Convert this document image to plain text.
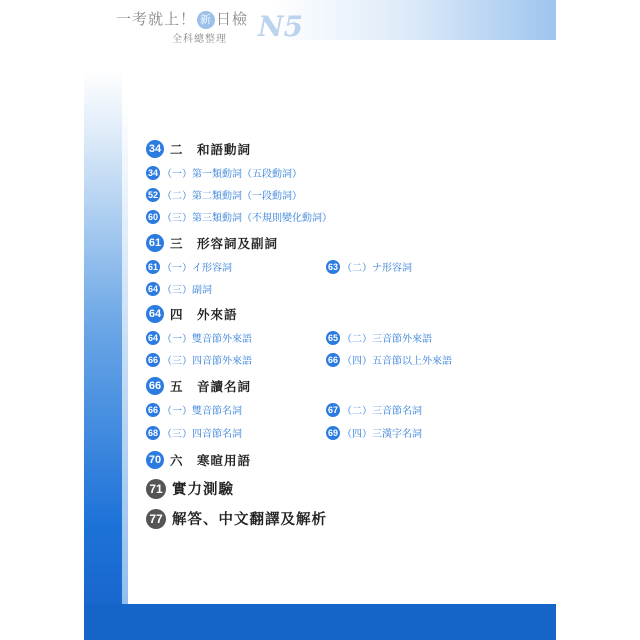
一考就上！ 新 日檢
全科總整理 N5
34 二　和語動詞
34 （一）第一類動詞（五段動詞）
52 （二）第二類動詞（一段動詞）
60 （三）第三類動詞（不規則變化動詞）
61 三　形容詞及副詞
61 （一）イ形容詞	63 （二）ナ形容詞
64 （三）副詞
64 四　外來語
64 （一）雙音節外來語	65 （二）三音節外來語
66 （三）四音節外來語	66 （四）五音節以上外來語
66 五　音讀名詞
66 （一）雙音節名詞	67 （二）三音節名詞
68 （三）四音節名詞	69 （四）三漢字名詞
70 六　寒暄用語
71 實力測驗
77 解答、中文翻譯及解析
